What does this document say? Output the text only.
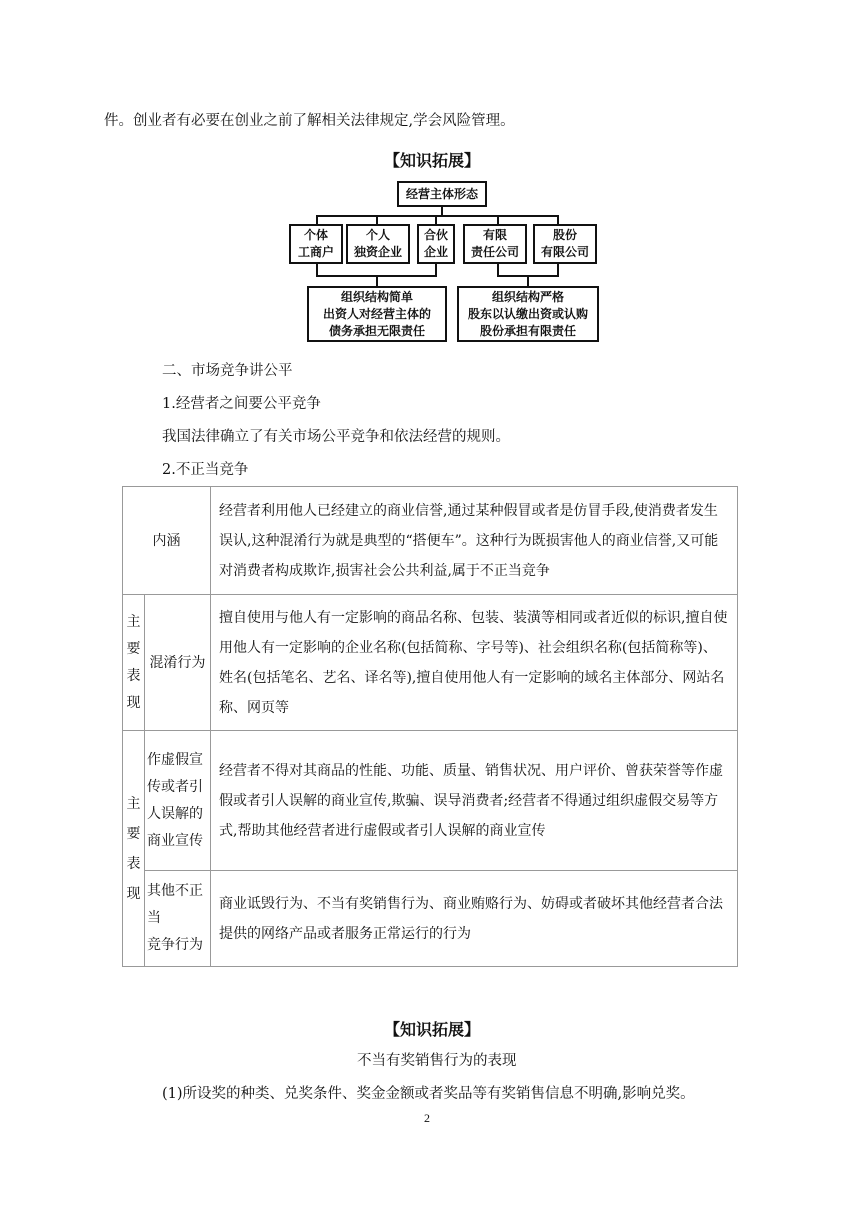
件。创业者有必要在创业之前了解相关法律规定,学会风险管理。
【知识拓展】
经营主体形态
个体
工商户
个人
独资企业
合伙
企业
有限
责任公司
股份
有限公司
组织结构简单
出资人对经营主体的
债务承担无限责任
组织结构严格
股东以认缴出资或认购
股份承担有限责任
二、市场竞争讲公平
1.经营者之间要公平竞争
我国法律确立了有关市场公平竞争和依法经营的规则。
2.不正当竞争
内涵		经营者利用他人已经建立的商业信誉,通过某种假冒或者是仿冒手段,使消费者发生误认,这种混淆行为就是典型的“搭便车”。这种行为既损害他人的商业信誉,又可能对消费者构成欺诈,损害社会公共利益,属于不正当竞争

主要表现	混淆行为	擅自使用与他人有一定影响的商品名称、包装、装潢等相同或者近似的标识,擅自使用他人有一定影响的企业名称(包括简称、字号等)、社会组织名称(包括简称等)、姓名(包括笔名、艺名、译名等),擅自使用他人有一定影响的域名主体部分、网站名称、网页等

主要表现	作虚假宣传或者引人误解的商业宣传	经营者不得对其商品的性能、功能、质量、销售状况、用户评价、曾获荣誉等作虚假或者引人误解的商业宣传,欺骗、误导消费者;经营者不得通过组织虚假交易等方式,帮助其他经营者进行虚假或者引人误解的商业宣传

	其他不正当
竞争行为	商业诋毁行为、不当有奖销售行为、商业贿赂行为、妨碍或者破坏其他经营者合法提供的网络产品或者服务正常运行的行为
【知识拓展】
不当有奖销售行为的表现
(1)所设奖的种类、兑奖条件、奖金金额或者奖品等有奖销售信息不明确,影响兑奖。
2
